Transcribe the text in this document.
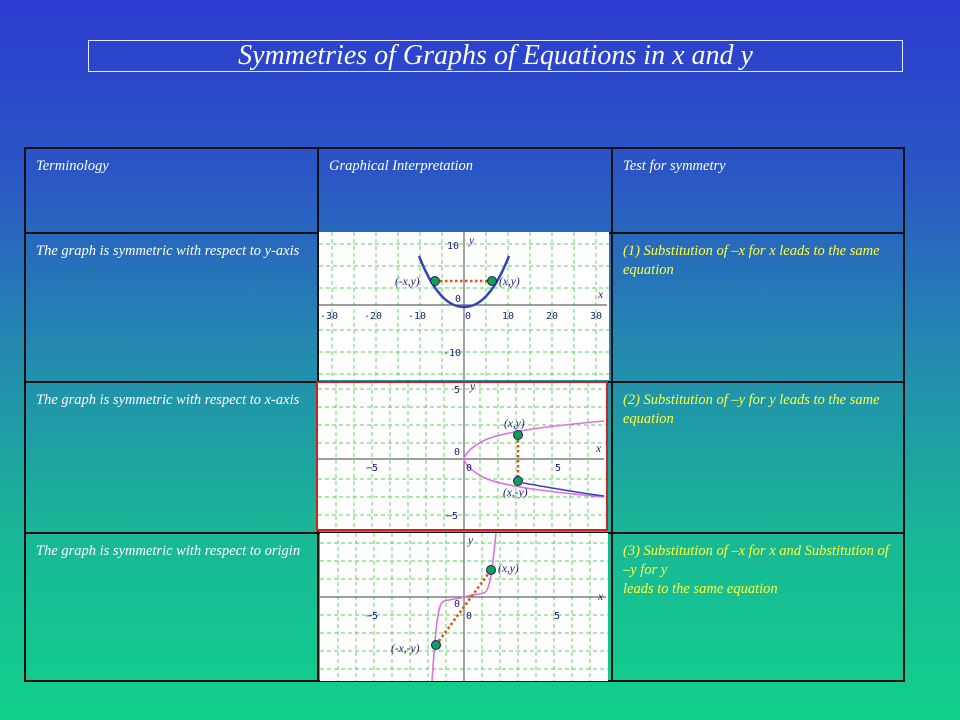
Symmetries of Graphs of Equations in x and y
Terminology	Graphical Interpretation	Test for symmetry
The graph is symmetric with respect to y-axis	(1) Substitution of –x for x leads to the same equation
The graph is symmetric with respect to x-axis	(2) Substitution of –y for y leads to the same equation
The graph is symmetric with respect to origin	(3) Substitution of –x for x and Substitution of –y for y
leads to the same equation
(-x,y)	(x,y)
y
x
-30	-20	-10	0	10	20	30
10
0
-10
(x,y)
(x,-y)
y
x
−5	0	5
5
0
−5
(x,y)
(-x,-y)
y
x
−5	0	5
0
